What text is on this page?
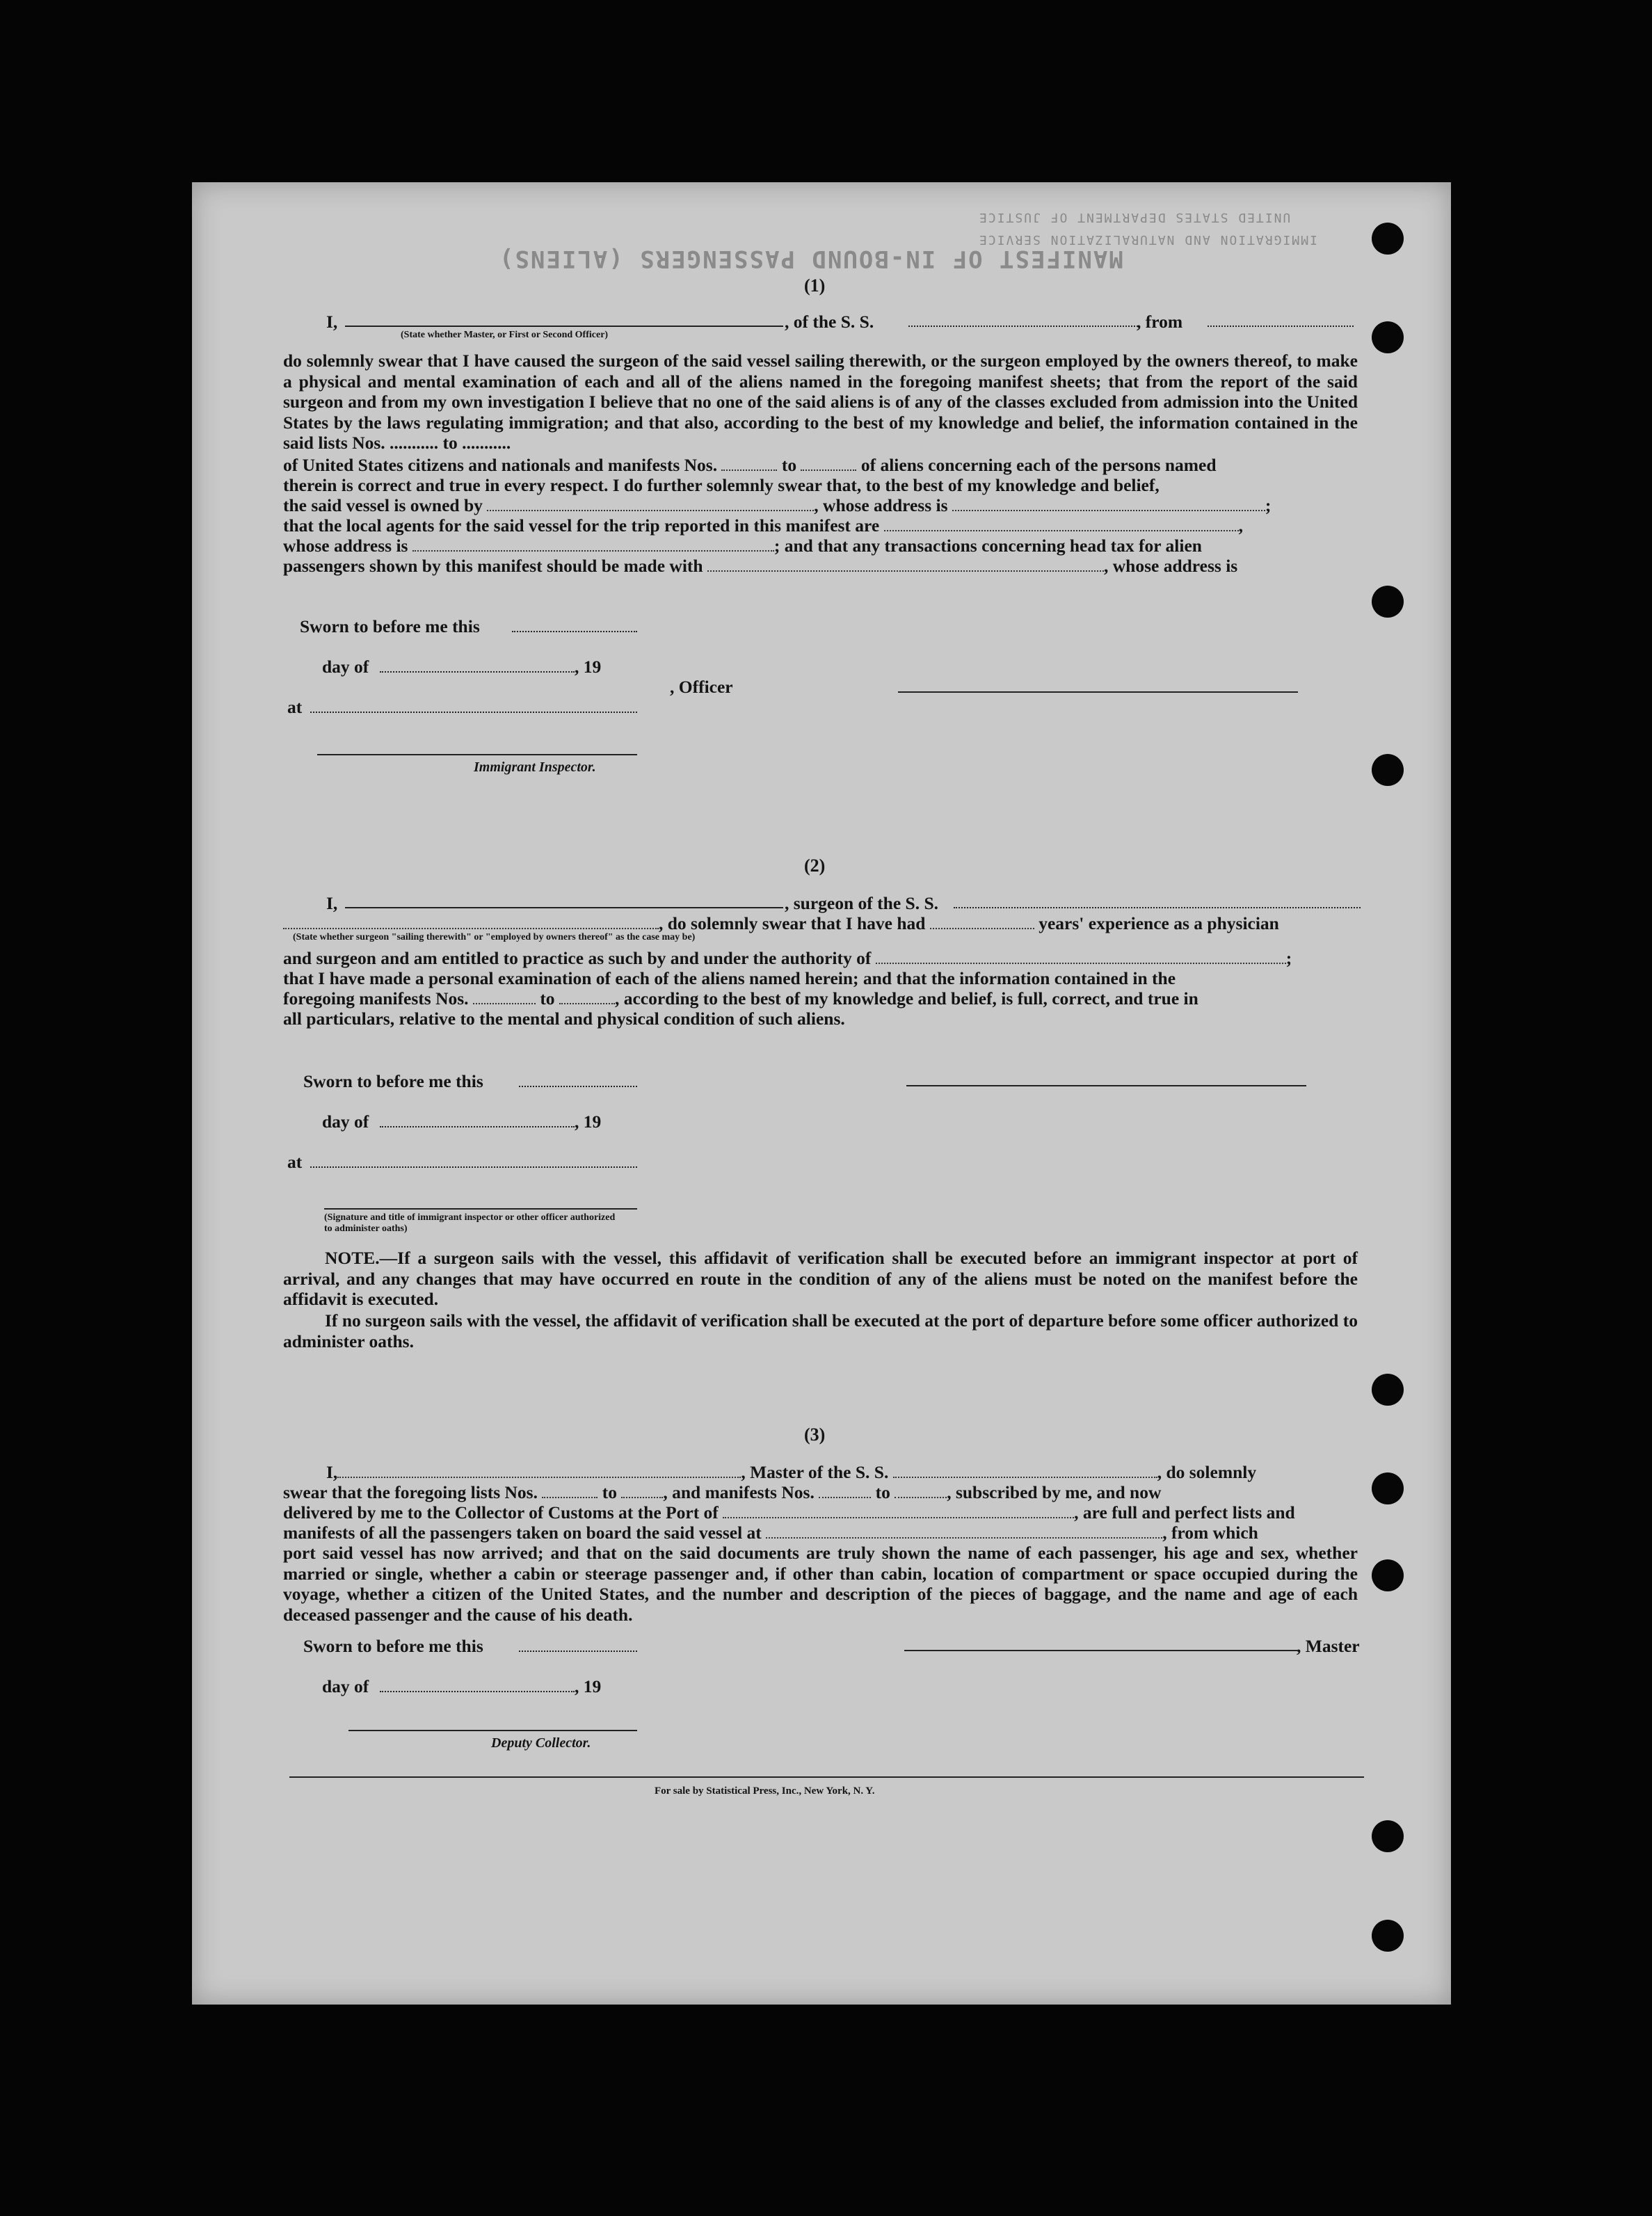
MANIFEST OF IN-BOUND PASSENGERS (ALIENS)
UNITED STATES DEPARTMENT OF JUSTICE
IMMIGRATION AND NATURALIZATION SERVICE
(1)
I,	, of the S. S.	, from
(State whether Master, or First or Second Officer)
do solemnly swear that I have caused the surgeon of the said vessel sailing therewith, or the surgeon employed by the owners thereof, to make a physical and mental examination of each and all of the aliens named in the foregoing manifest sheets; that from the report of the said surgeon and from my own investigation I believe that no one of the said aliens is of any of the classes excluded from admission into the United States by the laws regulating immigration; and that also, according to the best of my knowledge and belief, the information contained in the said lists Nos. ........... to ...........
of United States citizens and nationals and manifests Nos.	to	of aliens concerning each of the persons named
therein is correct and true in every respect. I do further solemnly swear that, to the best of my knowledge and belief,
the said vessel is owned by	, whose address is	;
that the local agents for the said vessel for the trip reported in this manifest are	,
whose address is	; and that any transactions concerning head tax for alien
passengers shown by this manifest should be made with	, whose address is
Sworn to before me this
day of	, 19
, Officer
at
Immigrant Inspector.
(2)
I,	, surgeon of the S. S.
, do solemnly swear that I have had	years' experience as a physician
(State whether surgeon "sailing therewith" or "employed by owners thereof" as the case may be)
and surgeon and am entitled to practice as such by and under the authority of	;
that I have made a personal examination of each of the aliens named herein; and that the information contained in the
foregoing manifests Nos.	to	, according to the best of my knowledge and belief, is full, correct, and true in
all particulars, relative to the mental and physical condition of such aliens.
Sworn to before me this
day of	, 19
at
(Signature and title of immigrant inspector or other officer authorized to administer oaths)
NOTE.—If a surgeon sails with the vessel, this affidavit of verification shall be executed before an immigrant inspector at port of arrival, and any changes that may have occurred en route in the condition of any of the aliens must be noted on the manifest before the affidavit is executed.
If no surgeon sails with the vessel, the affidavit of verification shall be executed at the port of departure before some officer authorized to administer oaths.
(3)
I,	, Master of the S. S.	, do solemnly
swear that the foregoing lists Nos.	to	, and manifests Nos.	to	, subscribed by me, and now
delivered by me to the Collector of Customs at the Port of	, are full and perfect lists and
manifests of all the passengers taken on board the said vessel at	, from which
port said vessel has now arrived; and that on the said documents are truly shown the name of each passenger, his age and sex, whether married or single, whether a cabin or steerage passenger and, if other than cabin, location of compartment or space occupied during the voyage, whether a citizen of the United States, and the number and description of the pieces of baggage, and the name and age of each deceased passenger and the cause of his death.
Sworn to before me this	, Master
day of	, 19
Deputy Collector.
For sale by Statistical Press, Inc., New York, N. Y.
